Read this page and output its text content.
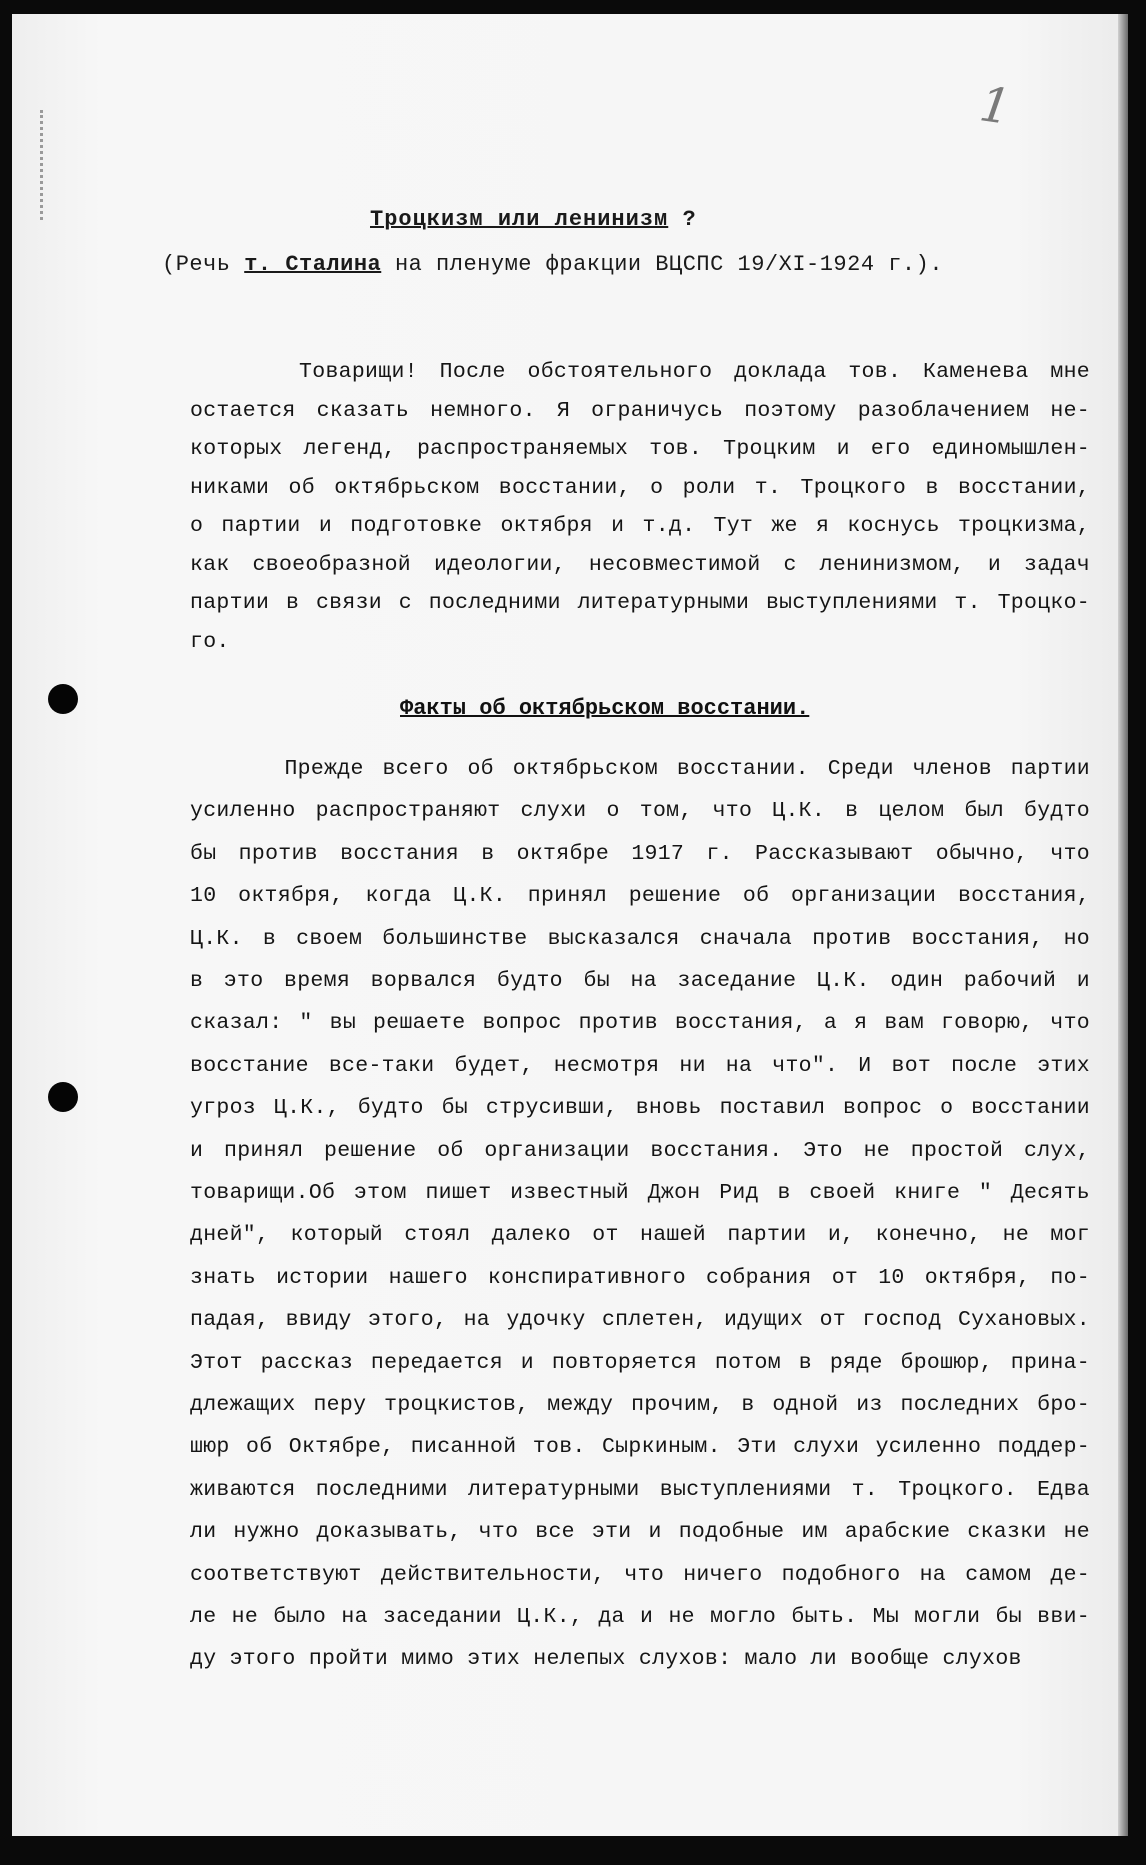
1
Троцкизм или ленинизм ?
(Речь т. Сталина на пленуме фракции ВЦСПС 19/XI-1924 г.).
Товарищи! После обстоятельного доклада тов. Каменева мне
остается сказать немного. Я ограничусь поэтому разоблачением не-
которых легенд, распространяемых тов. Троцким и его единомышлен-
никами об октябрьском восстании, о роли т. Троцкого в восстании,
о партии и подготовке октября и т.д. Тут же я коснусь троцкизма,
как своеобразной идеологии, несовместимой с ленинизмом, и задач
партии в связи с последними литературными выступлениями т. Троцко-
го.
Факты об октябрьском восстании.
Прежде всего об октябрьском восстании. Среди членов партии
усиленно распространяют слухи о том, что Ц.К. в целом был будто
бы против восстания в октябре 1917 г. Рассказывают обычно, что
10 октября, когда Ц.К. принял решение об организации восстания,
Ц.К. в своем большинстве высказался сначала против восстания, но
в это время ворвался будто бы на заседание Ц.К. один рабочий и
сказал: " вы решаете вопрос против восстания, а я вам говорю, что
восстание все-таки будет, несмотря ни на что". И вот после этих
угроз Ц.К., будто бы струсивши, вновь поставил вопрос о восстании
и принял решение об организации восстания. Это не простой слух,
товарищи.Об этом пишет известный Джон Рид в своей книге " Десять
дней", который стоял далеко от нашей партии и, конечно, не мог
знать истории нашего конспиративного собрания от 10 октября, по-
падая, ввиду этого, на удочку сплетен, идущих от господ Сухановых.
Этот рассказ передается и повторяется потом в ряде брошюр, прина-
длежащих перу троцкистов, между прочим, в одной из последних бро-
шюр об Октябре, писанной тов. Сыркиным. Эти слухи усиленно поддер-
живаются последними литературными выступлениями т. Троцкого. Едва
ли нужно доказывать, что все эти и подобные им арабские сказки не
соответствуют действительности, что ничего подобного на самом де-
ле не было на заседании Ц.К., да и не могло быть. Мы могли бы вви-
ду этого пройти мимо этих нелепых слухов: мало ли вообще слухов
